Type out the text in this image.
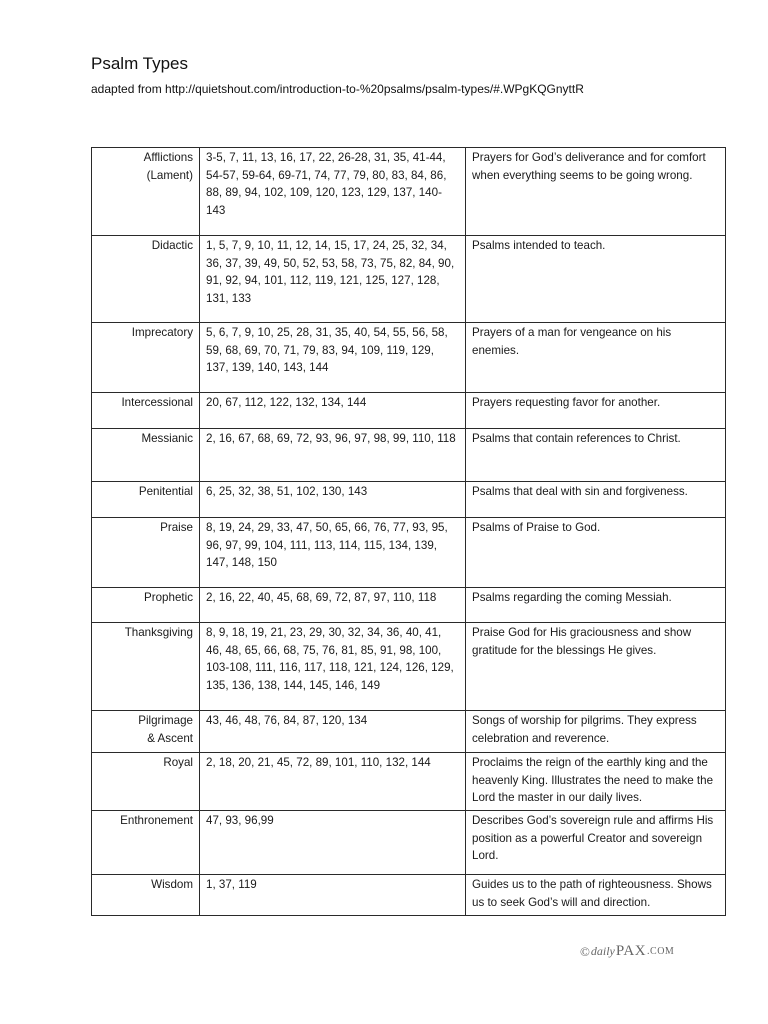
Psalm Types
adapted from http://quietshout.com/introduction-to-%20psalms/psalm-types/#.WPgKQGnyttR
Afflictions
(Lament)	3-5, 7, 11, 13, 16, 17, 22, 26-28, 31, 35, 41-44, 54-57, 59-64, 69-71, 74, 77, 79, 80, 83, 84, 86, 88, 89, 94, 102, 109, 120, 123, 129, 137, 140-143	Prayers for God’s deliverance and for comfort when everything seems to be going wrong.
Didactic	1, 5, 7, 9, 10, 11, 12, 14, 15, 17, 24, 25, 32, 34, 36, 37, 39, 49, 50, 52, 53, 58, 73, 75, 82, 84, 90, 91, 92, 94, 101, 112, 119, 121, 125, 127, 128, 131, 133	Psalms intended to teach.
Imprecatory	5, 6, 7, 9, 10, 25, 28, 31, 35, 40, 54, 55, 56, 58, 59, 68, 69, 70, 71, 79, 83, 94, 109, 119, 129, 137, 139, 140, 143, 144	Prayers of a man for vengeance on his enemies.
Intercessional	20, 67, 112, 122, 132, 134, 144	Prayers requesting favor for another.
Messianic	2, 16, 67, 68, 69, 72, 93, 96, 97, 98, 99, 110, 118	Psalms that contain references to Christ.
Penitential	6, 25, 32, 38, 51, 102, 130, 143	Psalms that deal with sin and forgiveness.
Praise	8, 19, 24, 29, 33, 47, 50, 65, 66, 76, 77, 93, 95, 96, 97, 99, 104, 111, 113, 114, 115, 134, 139, 147, 148, 150	Psalms of Praise to God.
Prophetic	2, 16, 22, 40, 45, 68, 69, 72, 87, 97, 110, 118	Psalms regarding the coming Messiah.
Thanksgiving	8, 9, 18, 19, 21, 23, 29, 30, 32, 34, 36, 40, 41, 46, 48, 65, 66, 68, 75, 76, 81, 85, 91, 98, 100, 103-108, 111, 116, 117, 118, 121, 124, 126, 129, 135, 136, 138, 144, 145, 146, 149	Praise God for His graciousness and show gratitude for the blessings He gives.
Pilgrimage
& Ascent	43, 46, 48, 76, 84, 87, 120, 134	Songs of worship for pilgrims. They express celebration and reverence.
Royal	2, 18, 20, 21, 45, 72, 89, 101, 110, 132, 144	Proclaims the reign of the earthly king and the heavenly King. Illustrates the need to make the Lord the master in our daily lives.
Enthronement	47, 93, 96,99	Describes God’s sovereign rule and affirms His position as a powerful Creator and sovereign Lord.
Wisdom	1, 37, 119	Guides us to the path of righteousness. Shows us to seek God’s will and direction.
© daily PAX .COM
